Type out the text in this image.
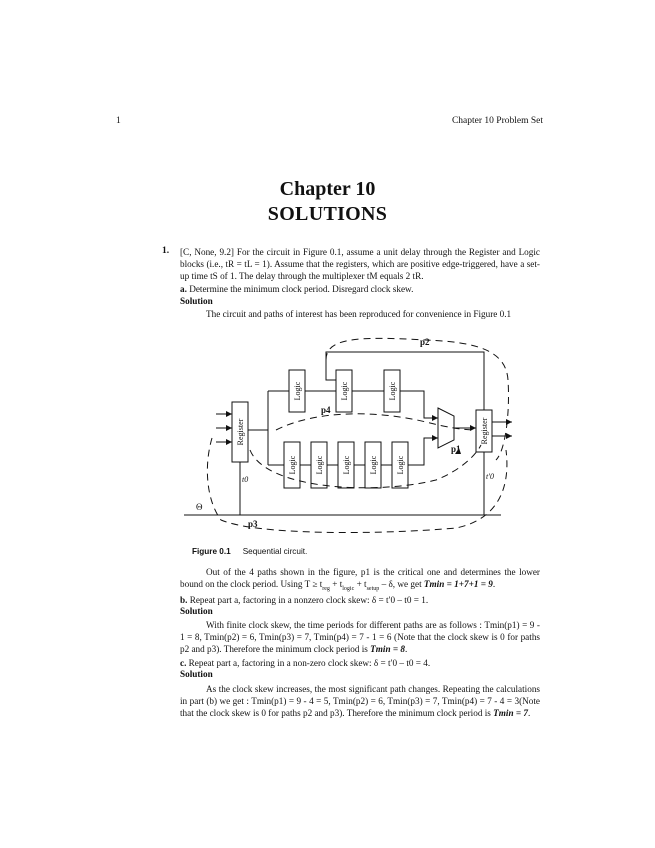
1	Chapter 10 Problem Set
Chapter 10
SOLUTIONS
1. [C, None, 9.2] For the circuit in Figure 0.1, assume a unit delay through the Register and Logic blocks (i.e., tR = tL = 1). Assume that the registers, which are positive edge-triggered, have a set-up time tS of 1. The delay through the multiplexer tM equals 2 tR.
a. Determine the minimum clock period. Disregard clock skew.
Solution
The circuit and paths of interest has been reproduced for convenience in Figure 0.1
Logic	Logic	Logic
Logic Logic Logic Logic Logic
Register	Register
p2
p4
p1
p3
t0	t′0
Θ
Figure 0.1 Sequential circuit.
Out of the 4 paths shown in the figure, p1 is the critical one and determines the lower bound on the clock period. Using $T \ge t_{reg} + t_{logic} + t_{setup} - \delta$, we get Tmin = 1+7+1 = 9.
b. Repeat part a, factoring in a nonzero clock skew: δ = t′0 – t0 = 1.
Solution
With finite clock skew, the time periods for different paths are as follows : Tmin(p1) = 9 - 1 = 8, Tmin(p2) = 6, Tmin(p3) = 7, Tmin(p4) = 7 - 1 = 6 (Note that the clock skew is 0 for paths p2 and p3). Therefore the minimum clock period is Tmin = 8.
c. Repeat part a, factoring in a non-zero clock skew: δ = t′0 – t0 = 4.
Solution
As the clock skew increases, the most significant path changes. Repeating the calculations in part (b) we get : Tmin(p1) = 9 - 4 = 5, Tmin(p2) = 6, Tmin(p3) = 7, Tmin(p4) = 7 - 4 = 3(Note that the clock skew is 0 for paths p2 and p3). Therefore the minimum clock period is Tmin = 7.
